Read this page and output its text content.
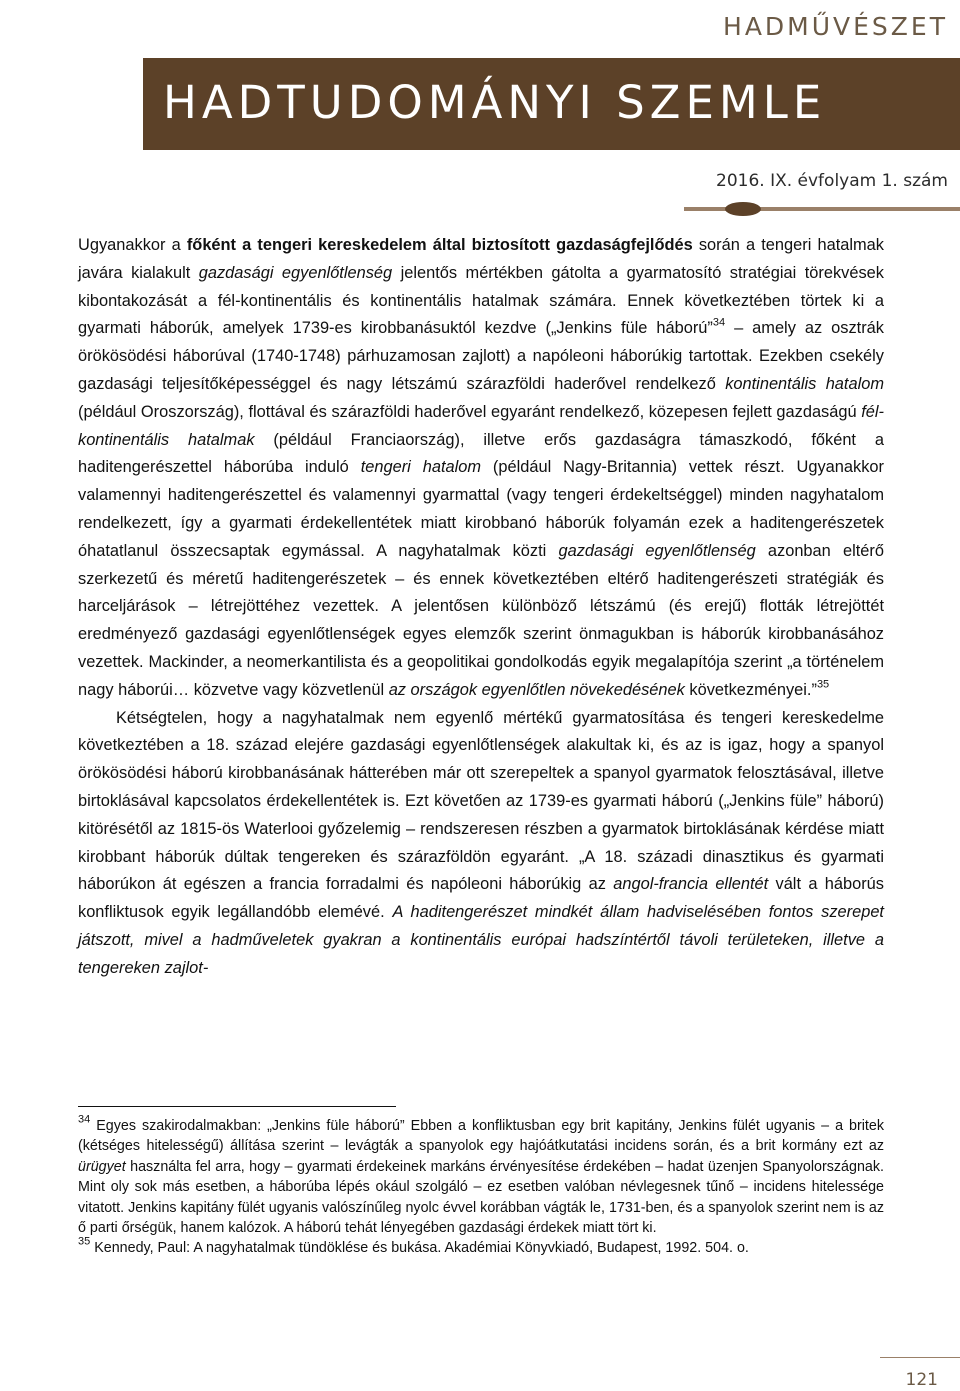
HADMŰVÉSZET
HADTUDOMÁNYI SZEMLE
2016. IX. évfolyam 1. szám

Ugyanakkor a főként a tengeri kereskedelem által biztosított gazdaságfejlődés során a tengeri hatalmak javára kialakult gazdasági egyenlőtlenség jelentős mértékben gátolta a gyarmatosító stratégiai törekvések kibontakozását a fél-kontinentális és kontinentális hatalmak számára. Ennek következtében törtek ki a gyarmati háborúk, amelyek 1739-es kirobbanásuktól kezdve („Jenkins füle háború”$^{34}$ – amely az osztrák örökösödési háborúval (1740-1748) párhuzamosan zajlott) a napóleoni háborúkig tartottak. Ezekben csekély gazdasági teljesítőképességgel és nagy létszámú szárazföldi haderővel rendelkező kontinentális hatalom (például Oroszország), flottával és szárazföldi haderővel egyaránt rendelkező, közepesen fejlett gazdaságú fél-kontinentális hatalmak (például Franciaország), illetve erős gazdaságra támaszkodó, főként a haditengerészettel háborúba induló tengeri hatalom (például Nagy-Britannia) vettek részt. Ugyanakkor valamennyi haditengerészettel és valamennyi gyarmattal (vagy tengeri érdekeltséggel) minden nagyhatalom rendelkezett, így a gyarmati érdekellentétek miatt kirobbanó háborúk folyamán ezek a haditengerészetek óhatatlanul összecsaptak egymással. A nagyhatalmak közti gazdasági egyenlőtlenség azonban eltérő szerkezetű és méretű haditengerészetek – és ennek következtében eltérő haditengerészeti stratégiák és harceljárások – létrejöttéhez vezettek. A jelentősen különböző létszámú (és erejű) flották létrejöttét eredményező gazdasági egyenlőtlenségek egyes elemzők szerint önmagukban is háborúk kirobbanásához vezettek. Mackinder, a neomerkantilista és a geopolitikai gondolkodás egyik megalapítója szerint „a történelem nagy háborúi… közvetve vagy közvetlenül az országok egyenlőtlen növekedésének következményei.”$^{35}$

Kétségtelen, hogy a nagyhatalmak nem egyenlő mértékű gyarmatosítása és tengeri kereskedelme következtében a 18. század elejére gazdasági egyenlőtlenségek alakultak ki, és az is igaz, hogy a spanyol örökösödési háború kirobbanásának hátterében már ott szerepeltek a spanyol gyarmatok felosztásával, illetve birtoklásával kapcsolatos érdekellentétek is. Ezt követően az 1739-es gyarmati háború („Jenkins füle” háború) kitörésétől az 1815-ös Waterlooi győzelemig – rendszeresen részben a gyarmatok birtoklásának kérdése miatt kirobbant háborúk dúltak tengereken és szárazföldön egyaránt. „A 18. századi dinasztikus és gyarmati háborúkon át egészen a francia forradalmi és napóleoni háborúkig az angol-francia ellentét vált a háborús konfliktusok egyik legállandóbb elemévé. A haditengerészet mindkét állam hadviselésében fontos szerepet játszott, mivel a hadműveletek gyakran a kontinentális európai hadszíntértől távoli területeken, illetve a tengereken zajlot-

$^{34}$ Egyes szakirodalmakban: „Jenkins füle háború” Ebben a konfliktusban egy brit kapitány, Jenkins fülét ugyanis – a britek (kétséges hitelességű) állítása szerint – levágták a spanyolok egy hajóátkutatási incidens során, és a brit kormány ezt az ürügyet használta fel arra, hogy – gyarmati érdekeinek markáns érvényesítése érdekében – hadat üzenjen Spanyolországnak. Mint oly sok más esetben, a háborúba lépés okául szolgáló – ez esetben valóban névlegesnek tűnő – incidens hitelessége vitatott. Jenkins kapitány fülét ugyanis valószínűleg nyolc évvel korábban vágták le, 1731-ben, és a spanyolok szerint nem is az ő parti őrségük, hanem kalózok. A háború tehát lényegében gazdasági érdekek miatt tört ki.

$^{35}$ Kennedy, Paul: A nagyhatalmak tündöklése és bukása. Akadémiai Könyvkiadó, Budapest, 1992. 504. o.

121
